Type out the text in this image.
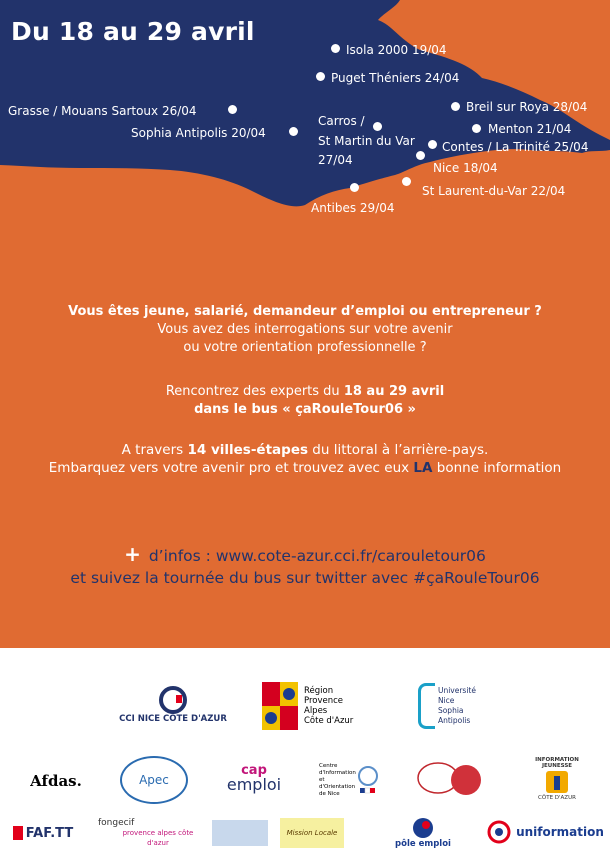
Du 18 au 29 avril
Isola 2000 19/04
Puget Théniers 24/04
Grasse / Mouans Sartoux 26/04
Sophia Antipolis 20/04
Carros /
St Martin du Var
27/04
Breil sur Roya 28/04
Menton 21/04
Contes / La Trinité 25/04
Nice 18/04
St Laurent-du-Var 22/04
Antibes 29/04
Vous êtes jeune, salarié, demandeur d’emploi ou entrepreneur ?
Vous avez des interrogations sur votre avenir
ou votre orientation professionnelle ?
Rencontrez des experts du 18 au 29 avril
dans le bus « çaRouleTour06 »
A travers 14 villes-étapes du littoral à l’arrière-pays.
Embarquez vers votre avenir pro et trouvez avec eux LA bonne information
+ d’infos : www.cote-azur.cci.fr/carouletour06
et suivez la tournée du bus sur twitter avec #çaRouleTour06
CCI NICE CÔTE D'AZUR
Région
Provence
Alpes
Côte d'Azur
Université
Nice
Sophia Antipolis
Afdas.	Apec
cap
emploi
Centre d'Information
et d'Orientation
de Nice
INFORMATION JEUNESSE
CÔTE D'AZUR
FAF.TT
fongecif
provence alpes côte d'azur
Mission Locale
pôle emploi
uniformation
